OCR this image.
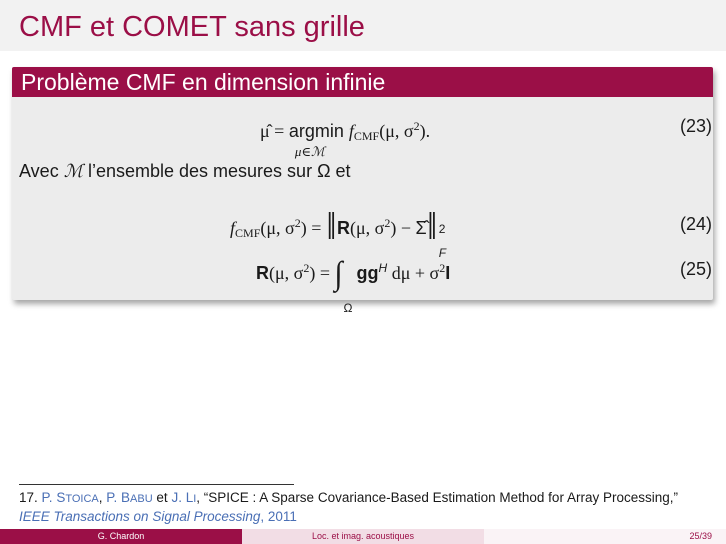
CMF et COMET sans grille
Problème CMF en dimension infinie
μ̂ = argmin
μ∈ℳ
$f_{CMF}(\mu$, $\sigma^2$).	(23)
Avec ℳ l’ensemble des mesures sur Ω et
$f_{CMF}(\mu$, $\sigma^2$) = ‖R(μ, $\sigma^2$) − Σ̂‖ 2
F
(24)
R(μ, $\sigma^2$) = ∫
Ω
$gg^H$ $d\mu + \sigma^2I$	(25)
17. P. STOICA, P. BABU et J. LI, “SPICE : A Sparse Covariance-Based Estimation Method for Array Processing,”
IEEE Transactions on Signal Processing, 2011
G. Chardon	Loc. et imag. acoustiques	25/39
